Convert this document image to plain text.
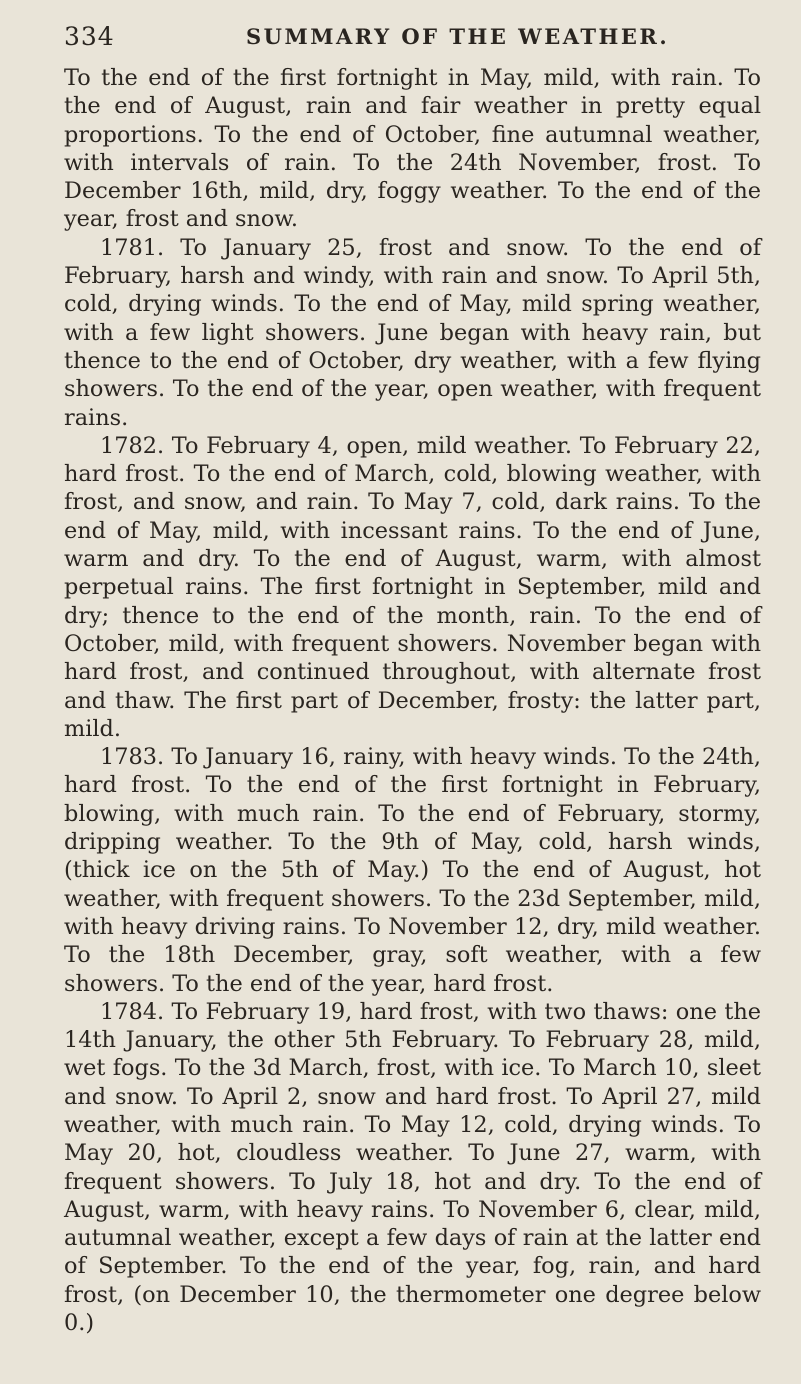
334	SUMMARY OF THE WEATHER.

To the end of the first fortnight in May, mild, with rain. To the end of August, rain and fair weather in pretty equal proportions. To the end of October, fine autumnal weather, with intervals of rain. To the 24th November, frost. To December 16th, mild, dry, foggy weather. To the end of the year, frost and snow.

1781. To January 25, frost and snow. To the end of February, harsh and windy, with rain and snow. To April 5th, cold, drying winds. To the end of May, mild spring weather, with a few light showers. June began with heavy rain, but thence to the end of October, dry weather, with a few flying showers. To the end of the year, open weather, with frequent rains.

1782. To February 4, open, mild weather. To February 22, hard frost. To the end of March, cold, blowing weather, with frost, and snow, and rain. To May 7, cold, dark rains. To the end of May, mild, with incessant rains. To the end of June, warm and dry. To the end of August, warm, with almost perpetual rains. The first fortnight in September, mild and dry; thence to the end of the month, rain. To the end of October, mild, with frequent showers. November began with hard frost, and continued throughout, with alternate frost and thaw. The first part of December, frosty: the latter part, mild.

1783. To January 16, rainy, with heavy winds. To the 24th, hard frost. To the end of the first fortnight in February, blowing, with much rain. To the end of February, stormy, dripping weather. To the 9th of May, cold, harsh winds, (thick ice on the 5th of May.) To the end of August, hot weather, with frequent showers. To the 23d September, mild, with heavy driving rains. To November 12, dry, mild weather. To the 18th December, gray, soft weather, with a few showers. To the end of the year, hard frost.

1784. To February 19, hard frost, with two thaws: one the 14th January, the other 5th February. To February 28, mild, wet fogs. To the 3d March, frost, with ice. To March 10, sleet and snow. To April 2, snow and hard frost. To April 27, mild weather, with much rain. To May 12, cold, drying winds. To May 20, hot, cloudless weather. To June 27, warm, with frequent showers. To July 18, hot and dry. To the end of August, warm, with heavy rains. To November 6, clear, mild, autumnal weather, except a few days of rain at the latter end of September. To the end of the year, fog, rain, and hard frost, (on December 10, the thermometer one degree below 0.)
